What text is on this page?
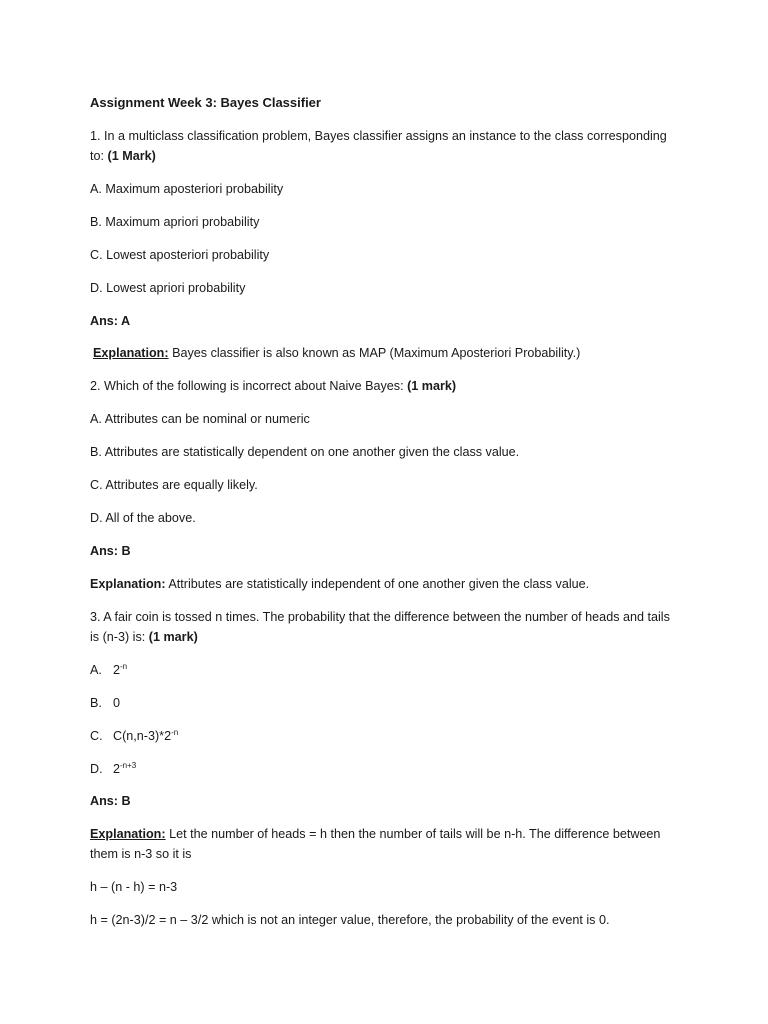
Assignment Week 3: Bayes Classifier
1. In a multiclass classification problem, Bayes classifier assigns an instance to the class corresponding to: (1 Mark)
A. Maximum aposteriori probability
B. Maximum apriori probability
C. Lowest aposteriori probability
D. Lowest apriori probability
Ans: A
Explanation: Bayes classifier is also known as MAP (Maximum Aposteriori Probability.)
2. Which of the following is incorrect about Naive Bayes: (1 mark)
A. Attributes can be nominal or numeric
B. Attributes are statistically dependent on one another given the class value.
C. Attributes are equally likely.
D. All of the above.
Ans: B
Explanation: Attributes are statistically independent of one another given the class value.
3. A fair coin is tossed n times. The probability that the difference between the number of heads and tails is (n-3) is: (1 mark)
A. $2^{-n}$
B. 0
C. $C(n,n-3)*2^{-n}$
D. $2^{-n+3}$
Ans: B
Explanation: Let the number of heads = h then the number of tails will be n-h. The difference between them is n-3 so it is
h – (n - h) = n-3
h = (2n-3)/2 = n – 3/2 which is not an integer value, therefore, the probability of the event is 0.
